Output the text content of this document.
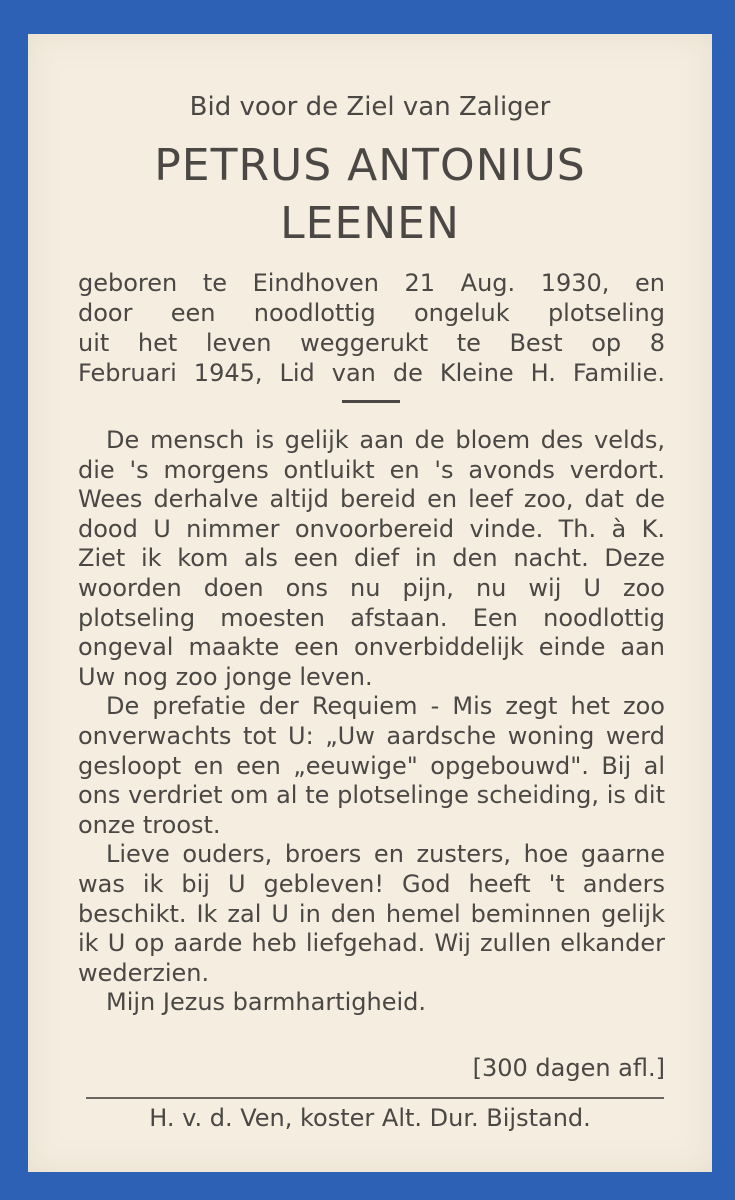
Bid voor de Ziel van Zaliger
PETRUS ANTONIUS
LEENEN
geboren te Eindhoven 21 Aug. 1930, en
door een noodlottig ongeluk plotseling
uit het leven weggerukt te Best op 8
Februari 1945, Lid van de Kleine H. Familie.

De mensch is gelijk aan de bloem des velds, die 's morgens ontluikt en 's avonds verdort. Wees derhalve altijd bereid en leef zoo, dat de dood U nimmer onvoorbereid vinde. Th. à K. Ziet ik kom als een dief in den nacht. Deze woorden doen ons nu pijn, nu wij U zoo plotseling moesten afstaan. Een noodlottig ongeval maakte een onverbiddelijk einde aan Uw nog zoo jonge leven.

De prefatie der Requiem - Mis zegt het zoo onverwachts tot U: „Uw aardsche woning werd gesloopt en een „eeuwige" opgebouwd". Bij al ons verdriet om al te plotselinge scheiding, is dit onze troost.

Lieve ouders, broers en zusters, hoe gaarne was ik bij U gebleven! God heeft 't anders beschikt. Ik zal U in den hemel beminnen gelijk ik U op aarde heb liefgehad. Wij zullen elkander wederzien.

Mijn Jezus barmhartigheid.

[300 dagen afl.]
H. v. d. Ven, koster Alt. Dur. Bijstand.
